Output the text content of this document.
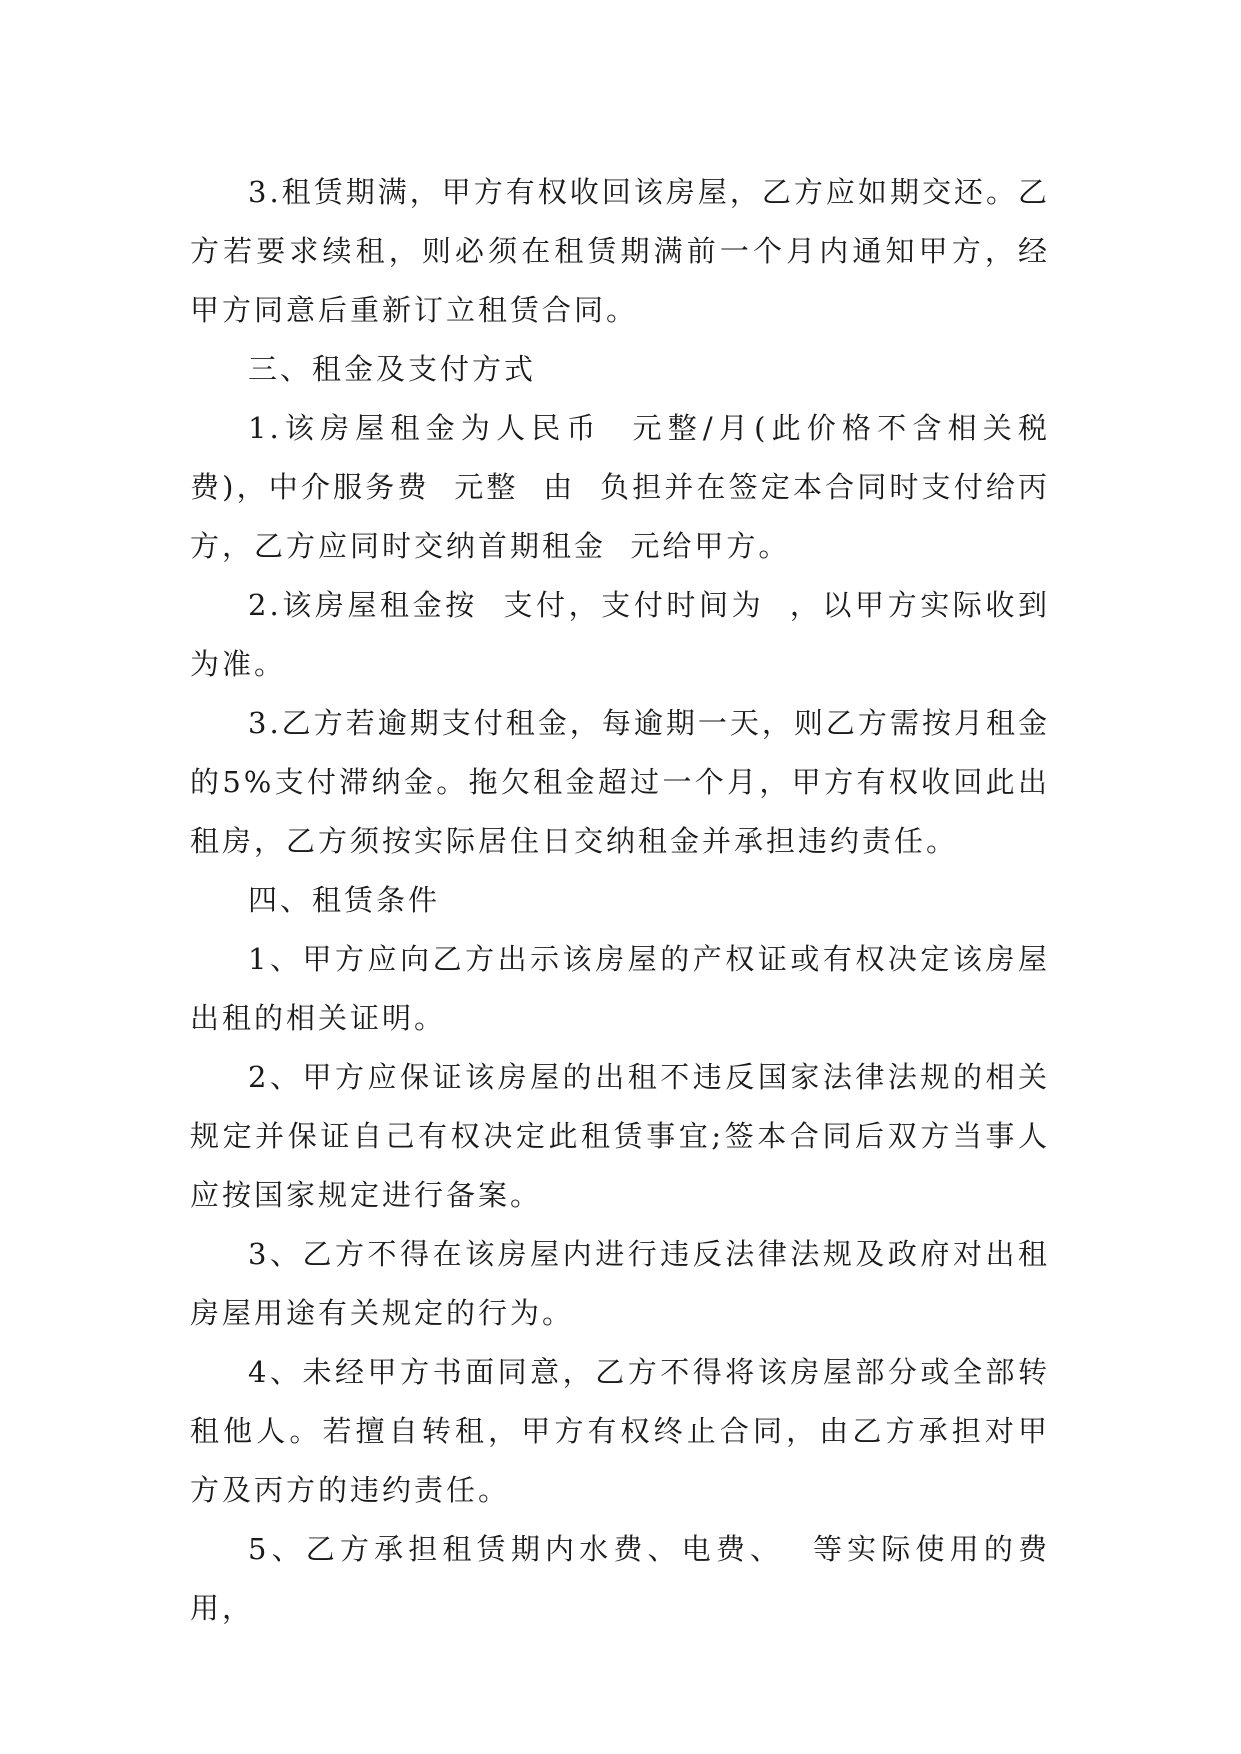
3.租赁期满，甲方有权收回该房屋，乙方应如期交还。乙方若要求续租，则必须在租赁期满前一个月内通知甲方，经甲方同意后重新订立租赁合同。

三、租金及支付方式

1.该房屋租金为人民币  元整/月(此价格不含相关税费)，中介服务费  元整  由  负担并在签定本合同时支付给丙方，乙方应同时交纳首期租金  元给甲方。

2.该房屋租金按  支付，支付时间为  ，以甲方实际收到为准。

3.乙方若逾期支付租金，每逾期一天，则乙方需按月租金的5%支付滞纳金。拖欠租金超过一个月，甲方有权收回此出租房，乙方须按实际居住日交纳租金并承担违约责任。

四、租赁条件

1、甲方应向乙方出示该房屋的产权证或有权决定该房屋出租的相关证明。

2、甲方应保证该房屋的出租不违反国家法律法规的相关规定并保证自己有权决定此租赁事宜;签本合同后双方当事人应按国家规定进行备案。

3、乙方不得在该房屋内进行违反法律法规及政府对出租房屋用途有关规定的行为。

4、未经甲方书面同意，乙方不得将该房屋部分或全部转租他人。若擅自转租，甲方有权终止合同，由乙方承担对甲方及丙方的违约责任。

5、乙方承担租赁期内水费、电费、  等实际使用的费用，
